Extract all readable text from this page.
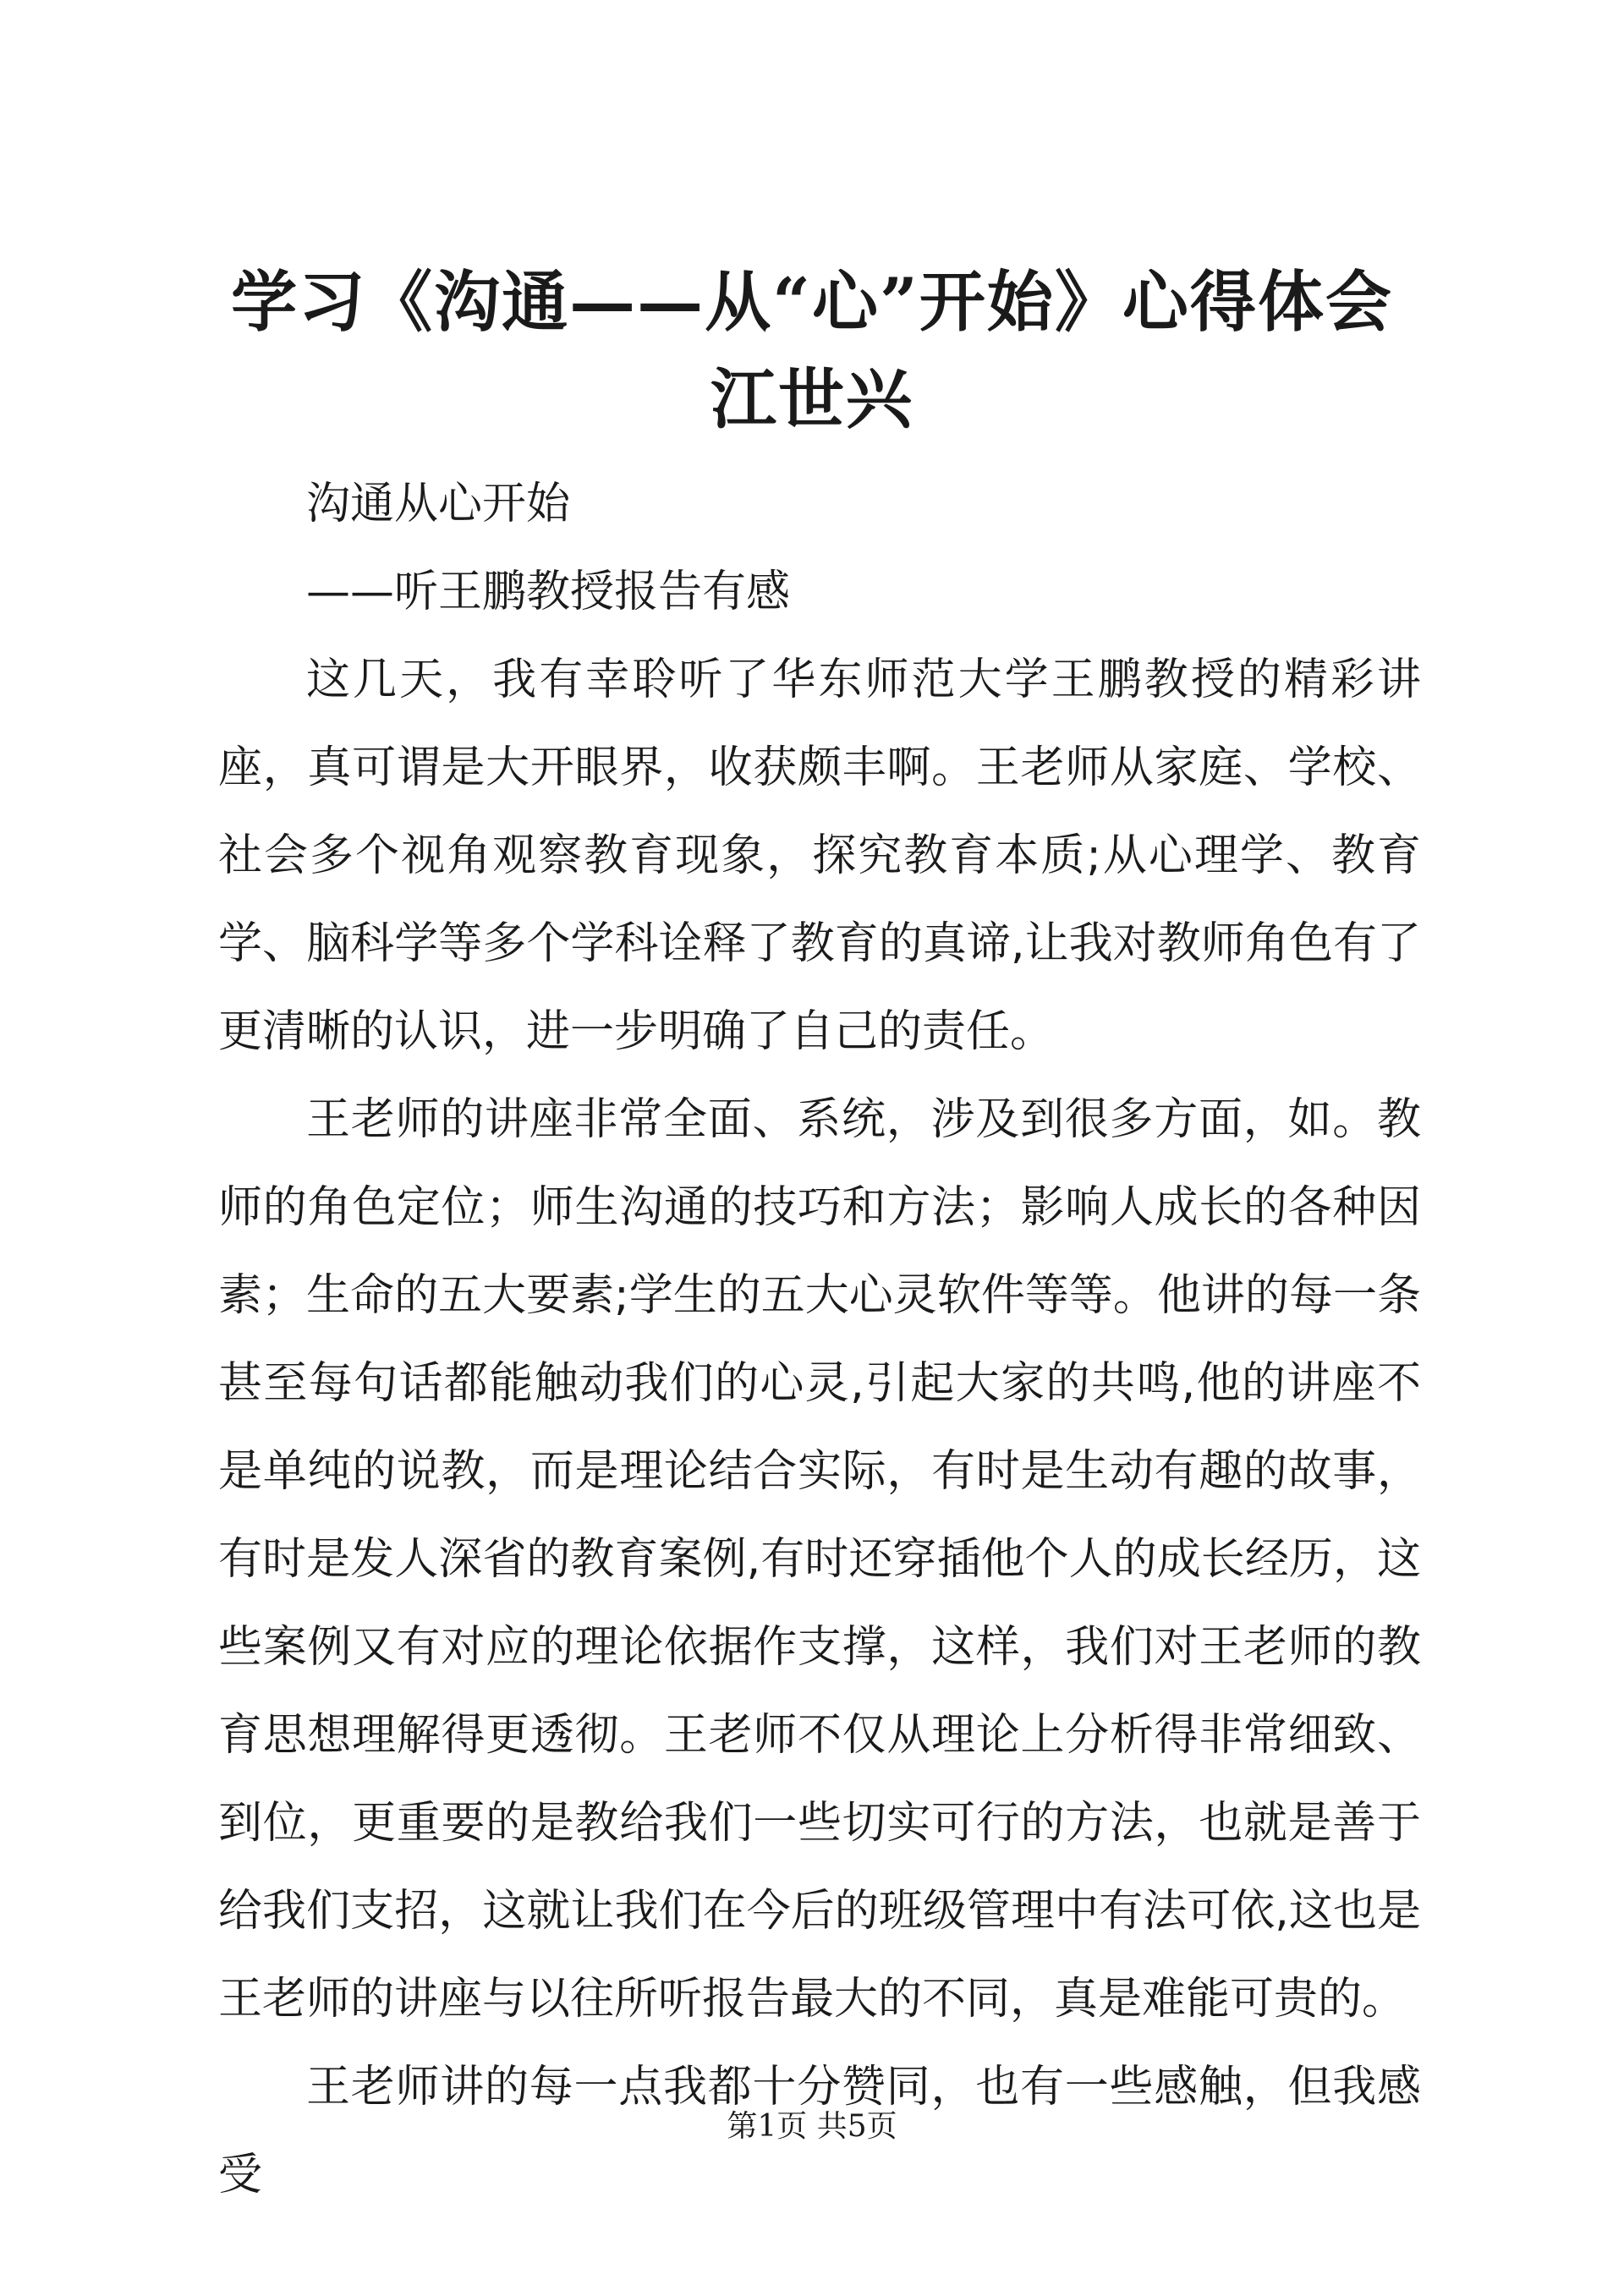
学习《沟通——从“心”开始》心得体会江世兴

沟通从心开始

——听王鹏教授报告有感

这几天，我有幸聆听了华东师范大学王鹏教授的精彩讲座，真可谓是大开眼界，收获颇丰啊。王老师从家庭、学校、社会多个视角观察教育现象，探究教育本质;从心理学、教育学、脑科学等多个学科诠释了教育的真谛,让我对教师角色有了更清晰的认识，进一步明确了自己的责任。

王老师的讲座非常全面、系统，涉及到很多方面，如。教师的角色定位；师生沟通的技巧和方法；影响人成长的各种因素；生命的五大要素;学生的五大心灵软件等等。他讲的每一条甚至每句话都能触动我们的心灵,引起大家的共鸣,他的讲座不是单纯的说教，而是理论结合实际，有时是生动有趣的故事，有时是发人深省的教育案例,有时还穿插他个人的成长经历，这些案例又有对应的理论依据作支撑，这样，我们对王老师的教育思想理解得更透彻。王老师不仅从理论上分析得非常细致、到位，更重要的是教给我们一些切实可行的方法，也就是善于给我们支招，这就让我们在今后的班级管理中有法可依,这也是王老师的讲座与以往所听报告最大的不同，真是难能可贵的。

王老师讲的每一点我都十分赞同，也有一些感触，但我感受

第1页 共5页
